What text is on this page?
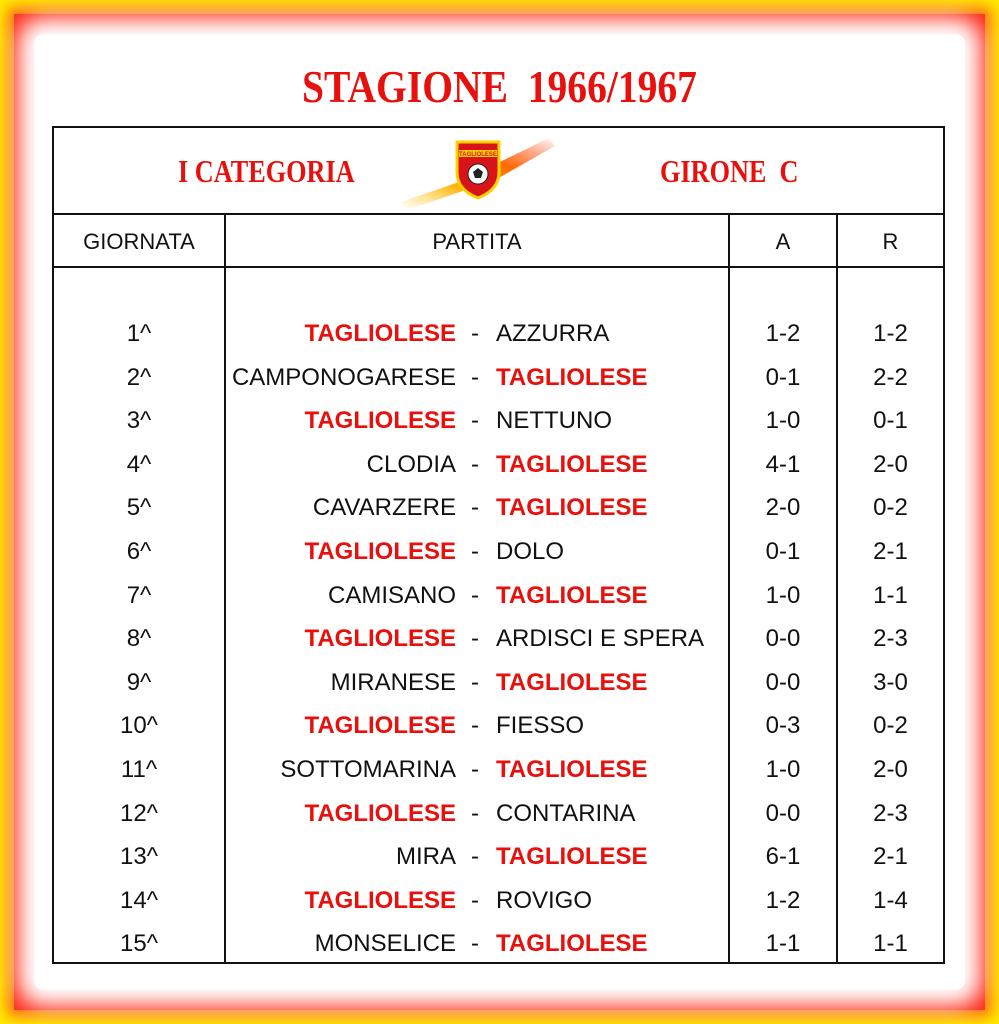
STAGIONE  1966/1967
I CATEGORIA	GIRONE  C
TAGLIOLESE
GIORNATA	PARTITA	A	R
1^	TAGLIOLESE - AZZURRA	1-2	1-2
2^	CAMPONOGARESE - TAGLIOLESE	0-1	2-2
3^	TAGLIOLESE - NETTUNO	1-0	0-1
4^	CLODIA - TAGLIOLESE	4-1	2-0
5^	CAVARZERE - TAGLIOLESE	2-0	0-2
6^	TAGLIOLESE - DOLO	0-1	2-1
7^	CAMISANO - TAGLIOLESE	1-0	1-1
8^	TAGLIOLESE - ARDISCI E SPERA	0-0	2-3
9^	MIRANESE - TAGLIOLESE	0-0	3-0
10^	TAGLIOLESE - FIESSO	0-3	0-2
11^	SOTTOMARINA - TAGLIOLESE	1-0	2-0
12^	TAGLIOLESE - CONTARINA	0-0	2-3
13^	MIRA - TAGLIOLESE	6-1	2-1
14^	TAGLIOLESE - ROVIGO	1-2	1-4
15^	MONSELICE - TAGLIOLESE	1-1	1-1
